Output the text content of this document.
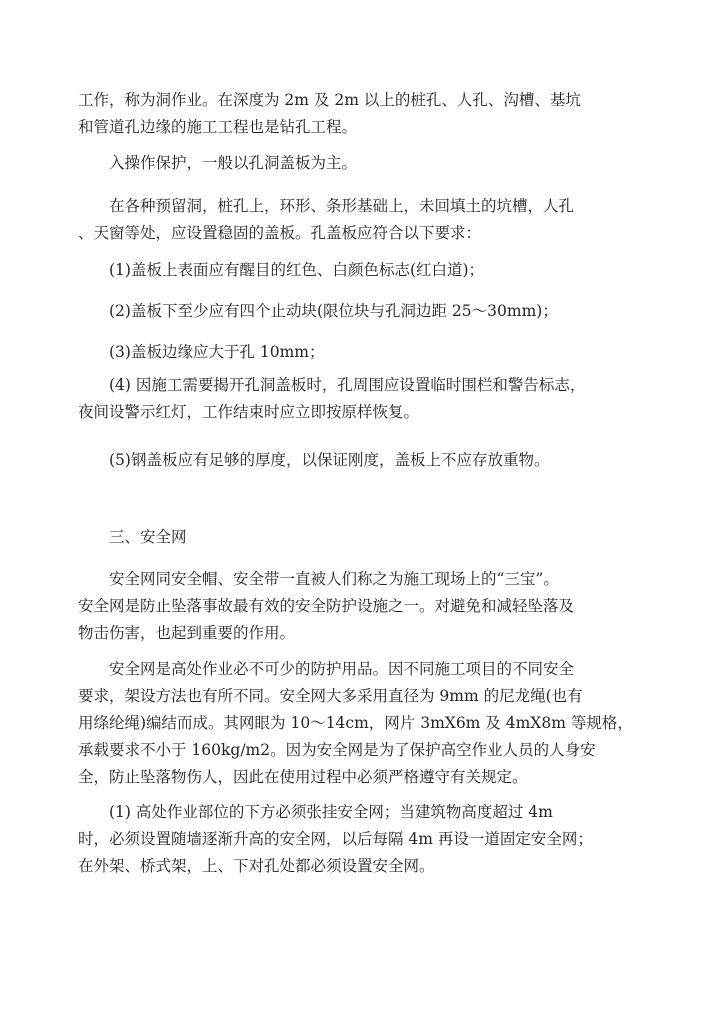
工作，称为洞作业。在深度为 2m 及 2m 以上的桩孔、人孔、沟槽、基坑
和管道孔边缘的施工工程也是钻孔工程。

入操作保护，一般以孔洞盖板为主。

在各种预留洞，桩孔上，环形、条形基础上，未回填土的坑槽，人孔
、天窗等处，应设置稳固的盖板。孔盖板应符合以下要求：

(1)盖板上表面应有醒目的红色、白颜色标志(红白道)；

(2)盖板下至少应有四个止动块(限位块与孔洞边距 25～30mm)；

(3)盖板边缘应大于孔 10mm；

(4) 因施工需要揭开孔洞盖板时，孔周围应设置临时围栏和警告标志，
夜间设警示红灯，工作结束时应立即按原样恢复。

(5)钢盖板应有足够的厚度，以保证刚度，盖板上不应存放重物。

三、安全网

安全网同安全帽、安全带一直被人们称之为施工现场上的“三宝”。
安全网是防止坠落事故最有效的安全防护设施之一。对避免和减轻坠落及
物击伤害，也起到重要的作用。

安全网是高处作业必不可少的防护用品。因不同施工项目的不同安全
要求，架设方法也有所不同。安全网大多采用直径为 9mm 的尼龙绳(也有
用绦纶绳)编结而成。其网眼为 10～14cm，网片 3mX6m 及 4mX8m 等规格，
承载要求不小于 160kg/m2。因为安全网是为了保护高空作业人员的人身安
全，防止坠落物伤人，因此在使用过程中必须严格遵守有关规定。

(1) 高处作业部位的下方必须张挂安全网；当建筑物高度超过 4m
时，必须设置随墙逐渐升高的安全网，以后每隔 4m 再设一道固定安全网；
在外架、桥式架，上、下对孔处都必须设置安全网。
